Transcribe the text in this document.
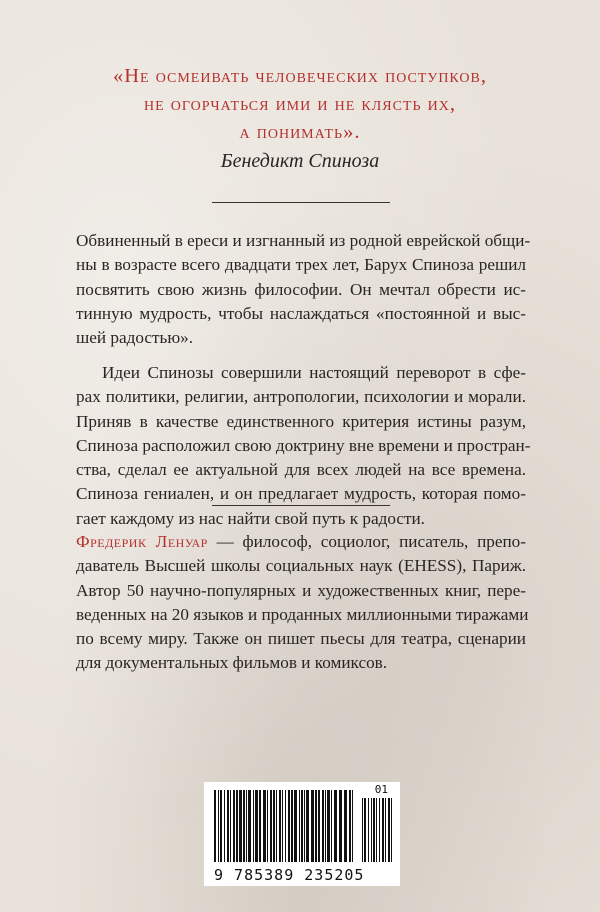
«Не осмеивать человеческих поступков,
не огорчаться ими и не клясть их,
а понимать».
Бенедикт Спиноза
Обвиненный в ереси и изгнанный из родной еврейской общи-
ны в возрасте всего двадцати трех лет, Барух Спиноза решил
посвятить свою жизнь философии. Он мечтал обрести ис-
тинную мудрость, чтобы наслаждаться «постоянной и выс-
шей радостью».
Идеи Спинозы совершили настоящий переворот в сфе-
рах политики, религии, антропологии, психологии и морали.
Приняв в качестве единственного критерия истины разум,
Спиноза расположил свою доктрину вне времени и простран-
ства, сделал ее актуальной для всех людей на все времена.
Спиноза гениален, и он предлагает мудрость, которая помо-
гает каждому из нас найти свой путь к радости.
Фредерик Ленуар — философ, социолог, писатель, препо-
даватель Высшей школы социальных наук (EHESS), Париж.
Автор 50 научно-популярных и художественных книг, пере-
веденных на 20 языков и проданных миллионными тиражами
по всему миру. Также он пишет пьесы для театра, сценарии
для документальных фильмов и комиксов.
9 785389 235205
01
